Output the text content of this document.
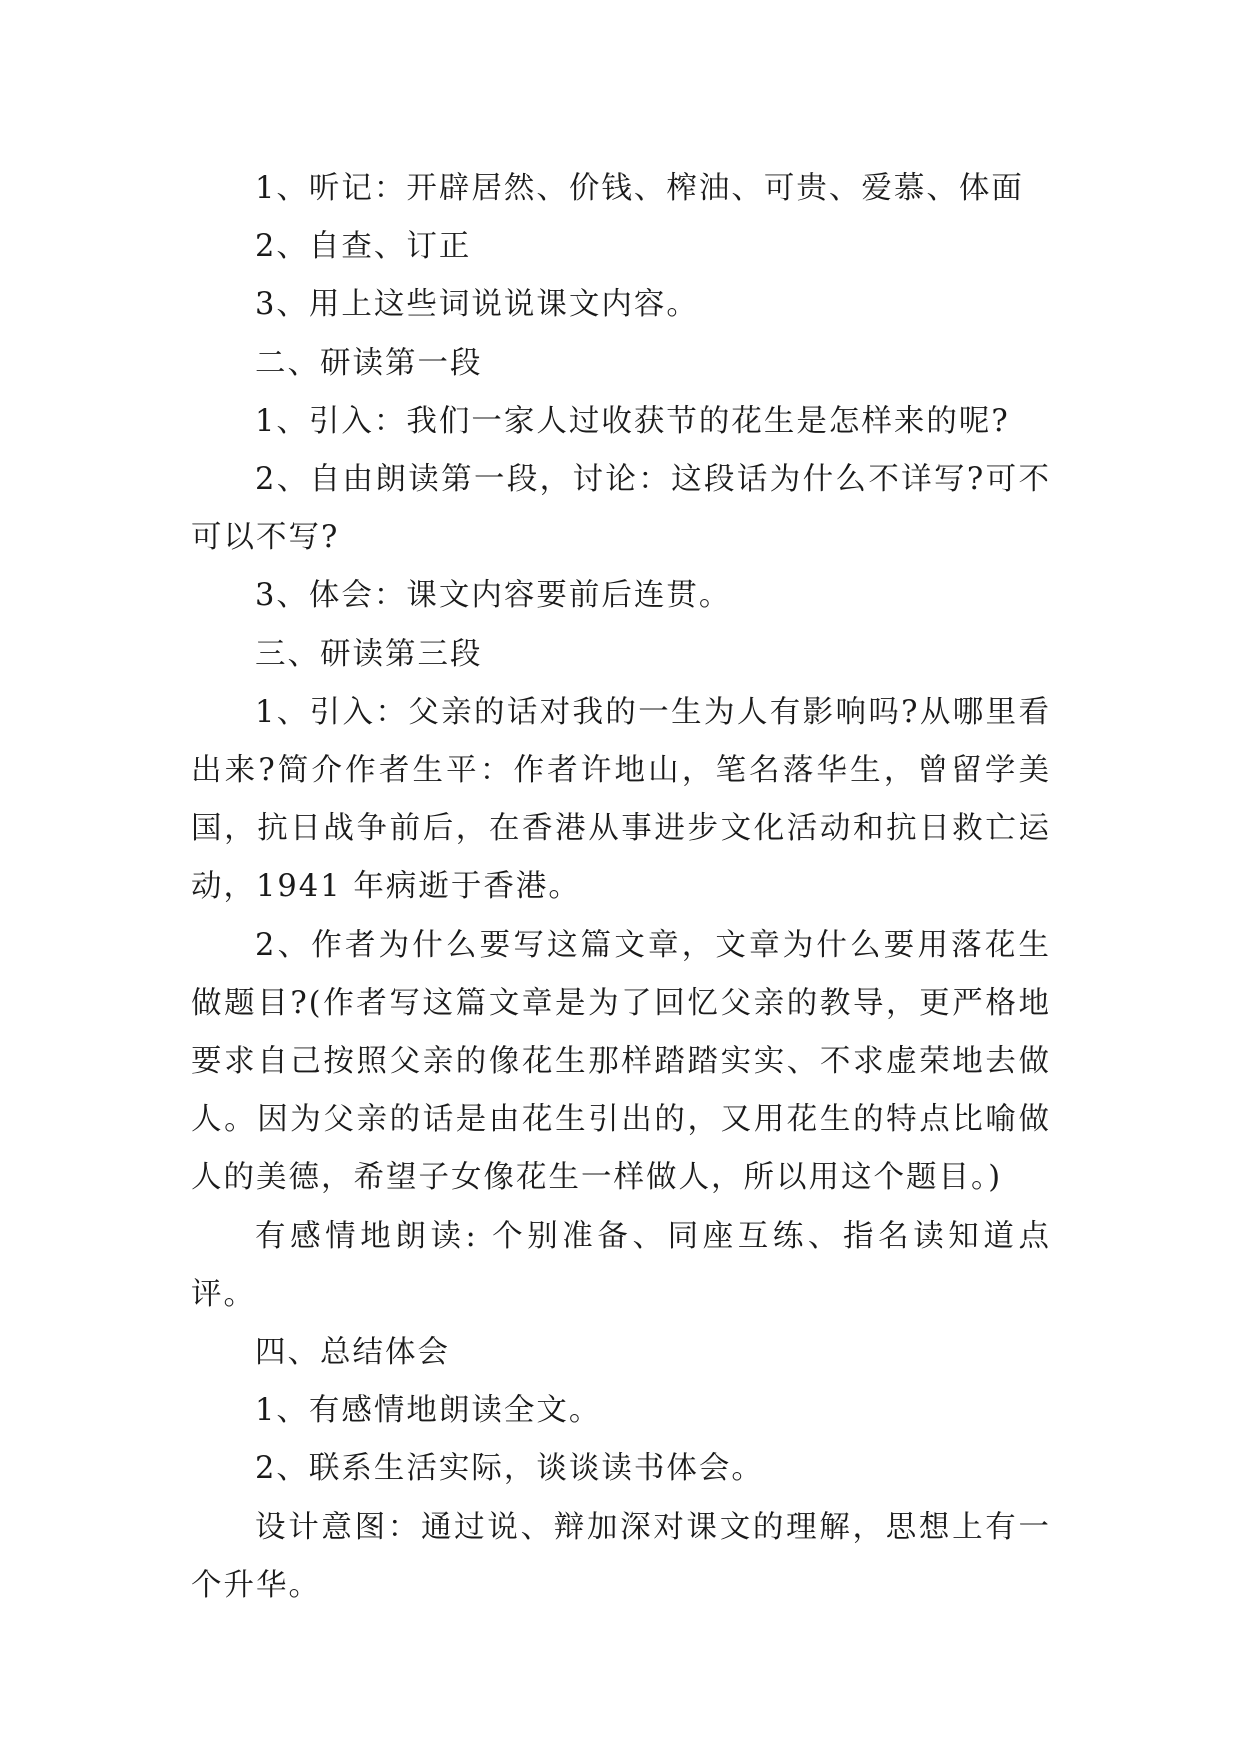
1、听记：开辟居然、价钱、榨油、可贵、爱慕、体面

2、自查、订正

3、用上这些词说说课文内容。

二、研读第一段

1、引入：我们一家人过收获节的花生是怎样来的呢?

2、自由朗读第一段，讨论：这段话为什么不详写?可不可以不写?

3、体会：课文内容要前后连贯。

三、研读第三段

1、引入：父亲的话对我的一生为人有影响吗?从哪里看出来?简介作者生平：作者许地山，笔名落华生，曾留学美国，抗日战争前后，在香港从事进步文化活动和抗日救亡运动，1941 年病逝于香港。

2、作者为什么要写这篇文章，文章为什么要用落花生做题目?(作者写这篇文章是为了回忆父亲的教导，更严格地要求自己按照父亲的像花生那样踏踏实实、不求虚荣地去做人。因为父亲的话是由花生引出的，又用花生的特点比喻做人的美德，希望子女像花生一样做人，所以用这个题目。)

有感情地朗读: 个别准备、同座互练、指名读知道点评。

四、总结体会

1、有感情地朗读全文。

2、联系生活实际，谈谈读书体会。

设计意图：通过说、辩加深对课文的理解，思想上有一个升华。
